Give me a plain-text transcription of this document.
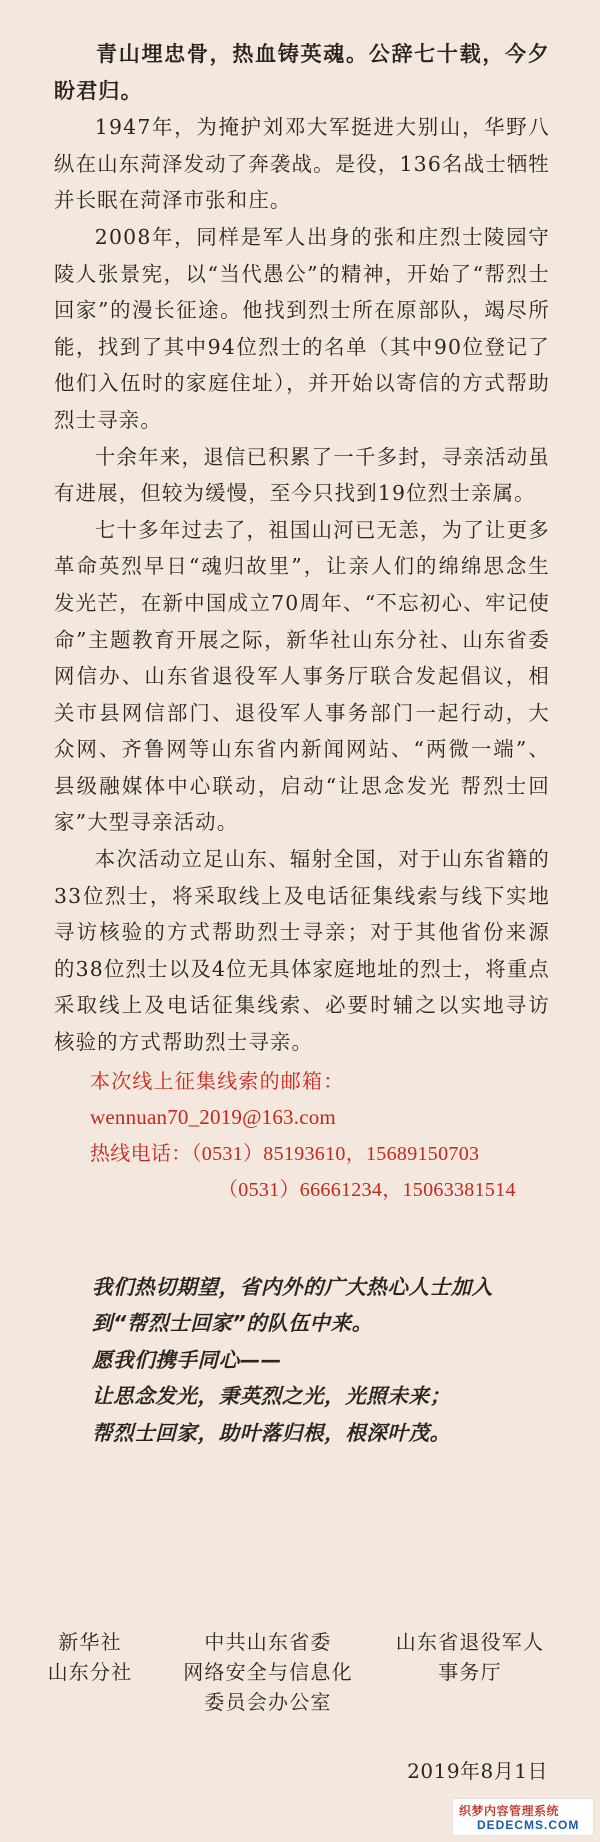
青山埋忠骨，热血铸英魂。公辞七十载，今夕盼君归。

1947年，为掩护刘邓大军挺进大别山，华野八纵在山东菏泽发动了奔袭战。是役，136名战士牺牲并长眠在菏泽市张和庄。

2008年，同样是军人出身的张和庄烈士陵园守陵人张景宪，以“当代愚公”的精神，开始了“帮烈士回家”的漫长征途。他找到烈士所在原部队，竭尽所能，找到了其中94位烈士的名单（其中90位登记了他们入伍时的家庭住址），并开始以寄信的方式帮助烈士寻亲。

十余年来，退信已积累了一千多封，寻亲活动虽有进展，但较为缓慢，至今只找到19位烈士亲属。

七十多年过去了，祖国山河已无恙，为了让更多革命英烈早日“魂归故里”，让亲人们的绵绵思念生发光芒，在新中国成立70周年、“不忘初心、牢记使命”主题教育开展之际，新华社山东分社、山东省委网信办、山东省退役军人事务厅联合发起倡议，相关市县网信部门、退役军人事务部门一起行动，大众网、齐鲁网等山东省内新闻网站、“两微一端”、县级融媒体中心联动，启动“让思念发光 帮烈士回家”大型寻亲活动。

本次活动立足山东、辐射全国，对于山东省籍的33位烈士，将采取线上及电话征集线索与线下实地寻访核验的方式帮助烈士寻亲；对于其他省份来源的38位烈士以及4位无具体家庭地址的烈士，将重点采取线上及电话征集线索、必要时辅之以实地寻访核验的方式帮助烈士寻亲。

本次线上征集线索的邮箱：
wennuan70_2019@163.com
热线电话：（0531）85193610，15689150703
（0531）66661234，15063381514
我们热切期望，省内外的广大热心人士加入
到“帮烈士回家”的队伍中来。
愿我们携手同心——
让思念发光，秉英烈之光，光照未来；
帮烈士回家，助叶落归根，根深叶茂。
新华社
山东分社
中共山东省委
网络安全与信息化
委员会办公室
山东省退役军人
事务厅
2019年8月1日
织梦内容管理系统
DEDECMS.COM
